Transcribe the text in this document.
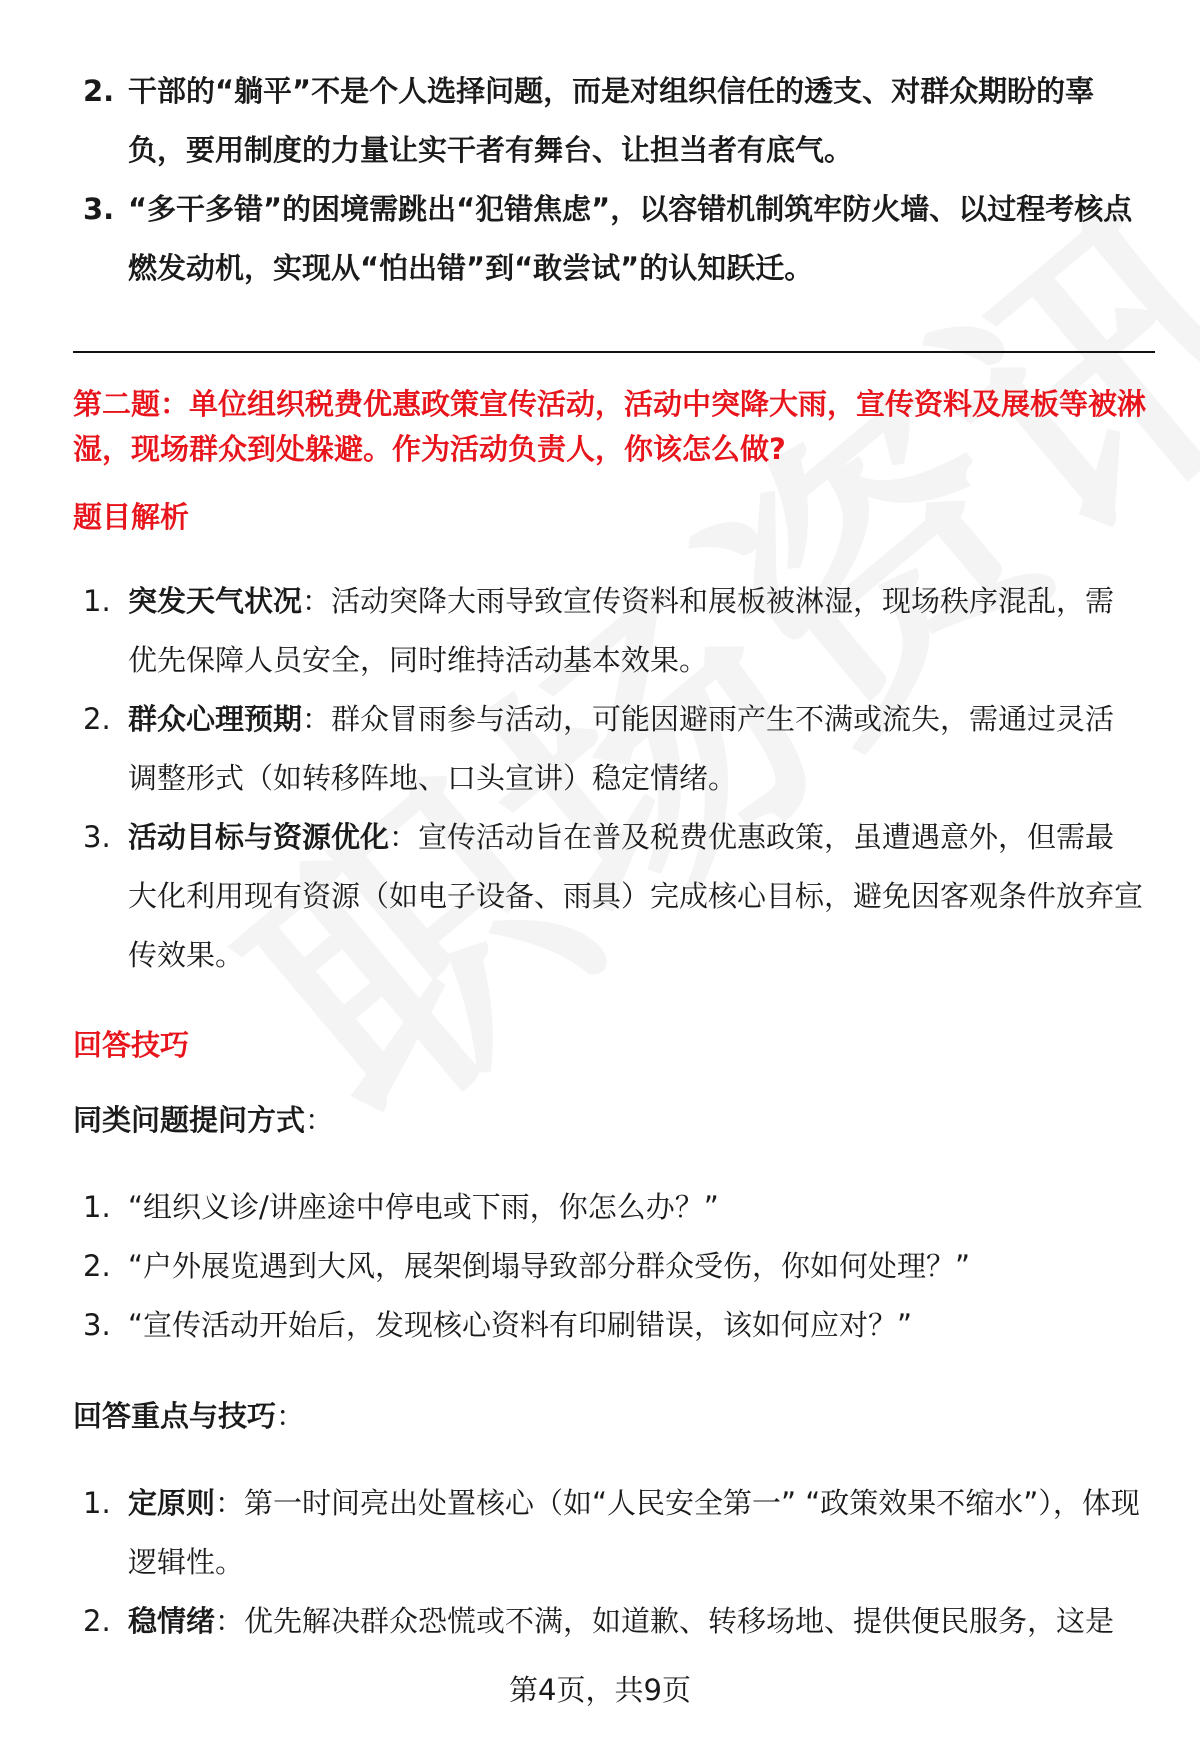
2. 干部的“躺平”不是个人选择问题，而是对组织信任的透支、对群众期盼的辜负，要用制度的力量让实干者有舞台、让担当者有底气。
3. “多干多错”的困境需跳出“犯错焦虑”，以容错机制筑牢防火墙、以过程考核点燃发动机，实现从“怕出错”到“敢尝试”的认知跃迁。
第二题：单位组织税费优惠政策宣传活动，活动中突降大雨，宣传资料及展板等被淋湿，现场群众到处躲避。作为活动负责人，你该怎么做?
题目解析
1. 突发天气状况：活动突降大雨导致宣传资料和展板被淋湿，现场秩序混乱，需优先保障人员安全，同时维持活动基本效果。
2. 群众心理预期：群众冒雨参与活动，可能因避雨产生不满或流失，需通过灵活调整形式（如转移阵地、口头宣讲）稳定情绪。
3. 活动目标与资源优化：宣传活动旨在普及税费优惠政策，虽遭遇意外，但需最大化利用现有资源（如电子设备、雨具）完成核心目标，避免因客观条件放弃宣传效果。
回答技巧
同类问题提问方式：
1. “组织义诊/讲座途中停电或下雨，你怎么办？”
2. “户外展览遇到大风，展架倒塌导致部分群众受伤，你如何处理？”
3. “宣传活动开始后，发现核心资料有印刷错误，该如何应对？”
回答重点与技巧：
1. 定原则：第一时间亮出处置核心（如“人民安全第一” “政策效果不缩水”），体现逻辑性。
2. 稳情绪：优先解决群众恐慌或不满，如道歉、转移场地、提供便民服务，这是
第4页，共9页
